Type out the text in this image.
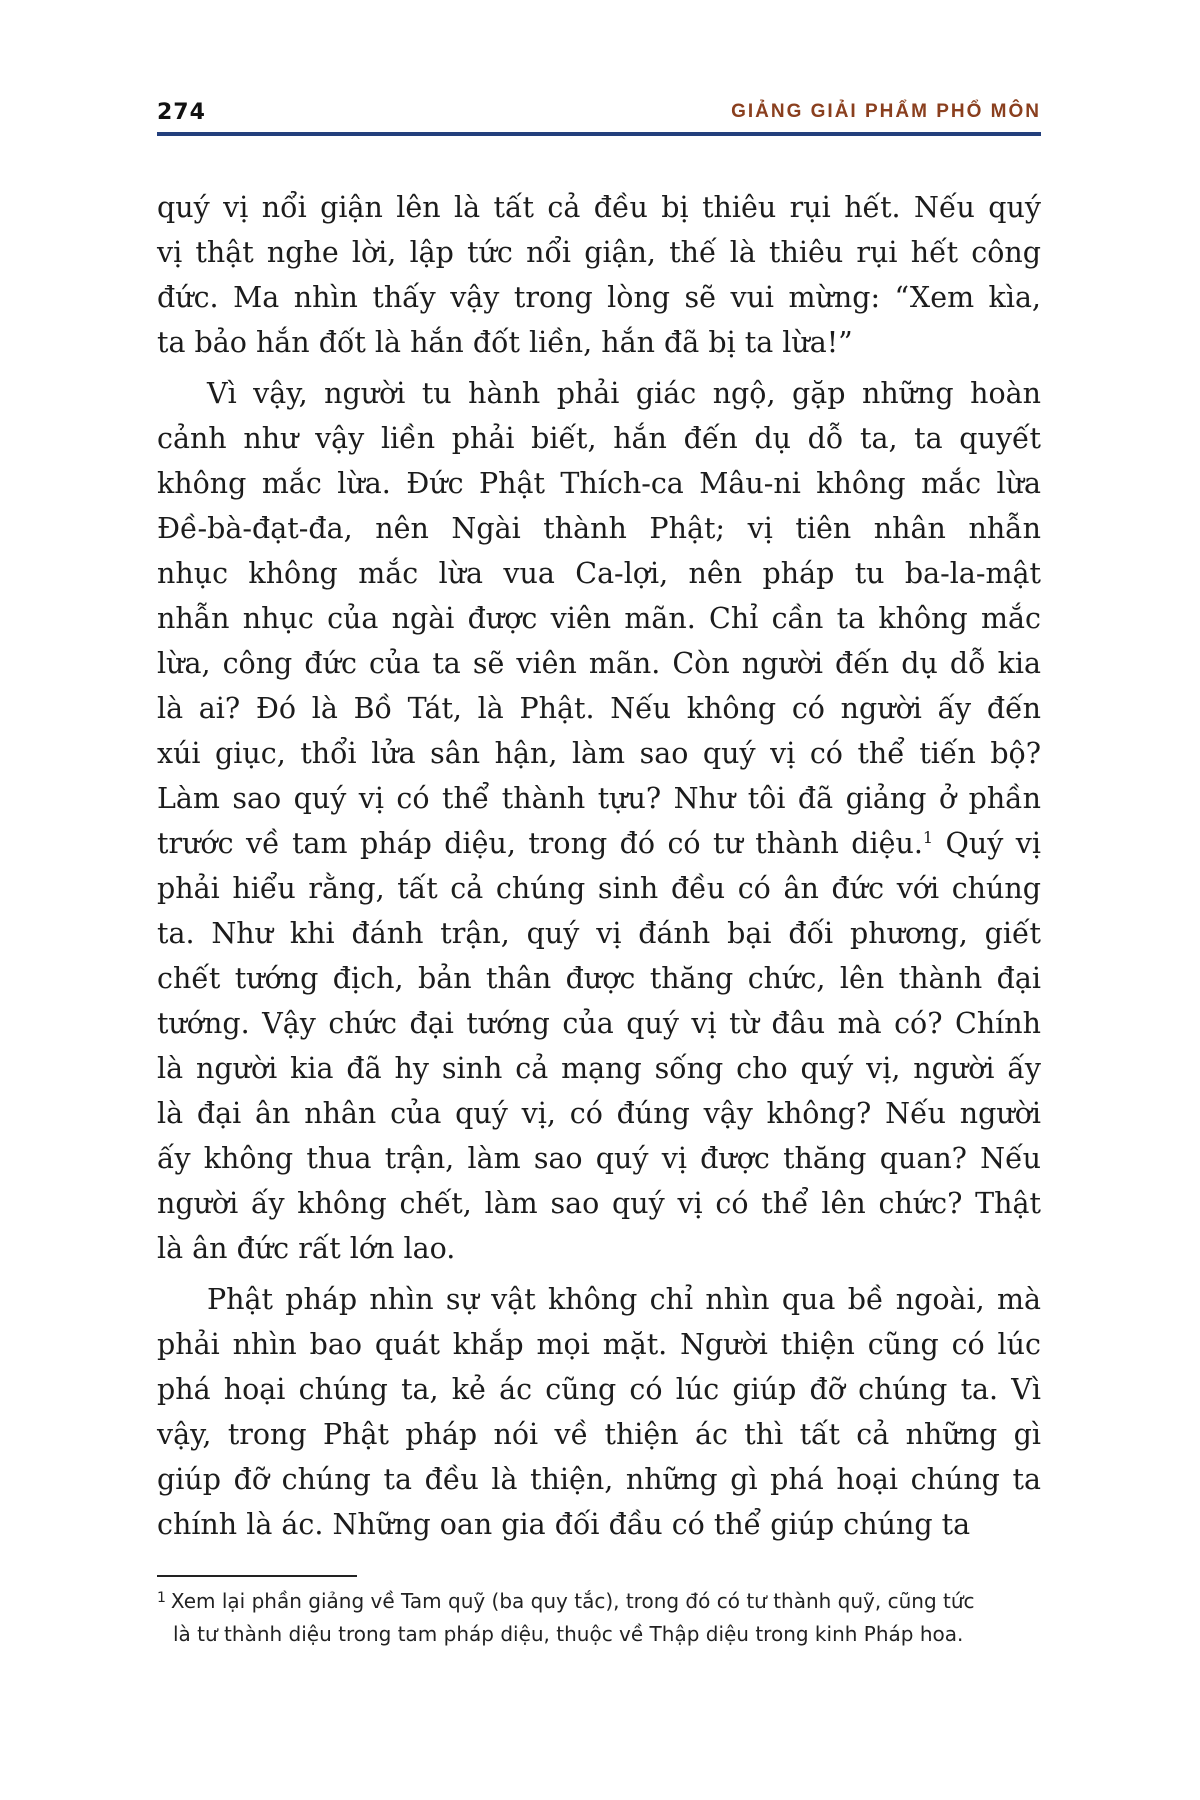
274	GIẢNG GIẢI PHẨM PHỔ MÔN
quý vị nổi giận lên là tất cả đều bị thiêu rụi hết. Nếu quý
vị thật nghe lời, lập tức nổi giận, thế là thiêu rụi hết công
đức. Ma nhìn thấy vậy trong lòng sẽ vui mừng: “Xem kìa,
ta bảo hắn đốt là hắn đốt liền, hắn đã bị ta lừa!”
Vì vậy, người tu hành phải giác ngộ, gặp những hoàn
cảnh như vậy liền phải biết, hắn đến dụ dỗ ta, ta quyết
không mắc lừa. Đức Phật Thích-ca Mâu-ni không mắc lừa
Đề-bà-đạt-đa, nên Ngài thành Phật; vị tiên nhân nhẫn
nhục không mắc lừa vua Ca-lợi, nên pháp tu ba-la-mật
nhẫn nhục của ngài được viên mãn. Chỉ cần ta không mắc
lừa, công đức của ta sẽ viên mãn. Còn người đến dụ dỗ kia
là ai? Đó là Bồ Tát, là Phật. Nếu không có người ấy đến
xúi giục, thổi lửa sân hận, làm sao quý vị có thể tiến bộ?
Làm sao quý vị có thể thành tựu? Như tôi đã giảng ở phần
trước về tam pháp diệu, trong đó có tư thành diệu.$^1$ Quý vị
phải hiểu rằng, tất cả chúng sinh đều có ân đức với chúng
ta. Như khi đánh trận, quý vị đánh bại đối phương, giết
chết tướng địch, bản thân được thăng chức, lên thành đại
tướng. Vậy chức đại tướng của quý vị từ đâu mà có? Chính
là người kia đã hy sinh cả mạng sống cho quý vị, người ấy
là đại ân nhân của quý vị, có đúng vậy không? Nếu người
ấy không thua trận, làm sao quý vị được thăng quan? Nếu
người ấy không chết, làm sao quý vị có thể lên chức? Thật
là ân đức rất lớn lao.
Phật pháp nhìn sự vật không chỉ nhìn qua bề ngoài, mà
phải nhìn bao quát khắp mọi mặt. Người thiện cũng có lúc
phá hoại chúng ta, kẻ ác cũng có lúc giúp đỡ chúng ta. Vì
vậy, trong Phật pháp nói về thiện ác thì tất cả những gì
giúp đỡ chúng ta đều là thiện, những gì phá hoại chúng ta
chính là ác. Những oan gia đối đầu có thể giúp chúng ta
$^1$ Xem lại phần giảng về Tam quỹ (ba quy tắc), trong đó có tư thành quỹ, cũng tức
là tư thành diệu trong tam pháp diệu, thuộc về Thập diệu trong kinh Pháp hoa.
